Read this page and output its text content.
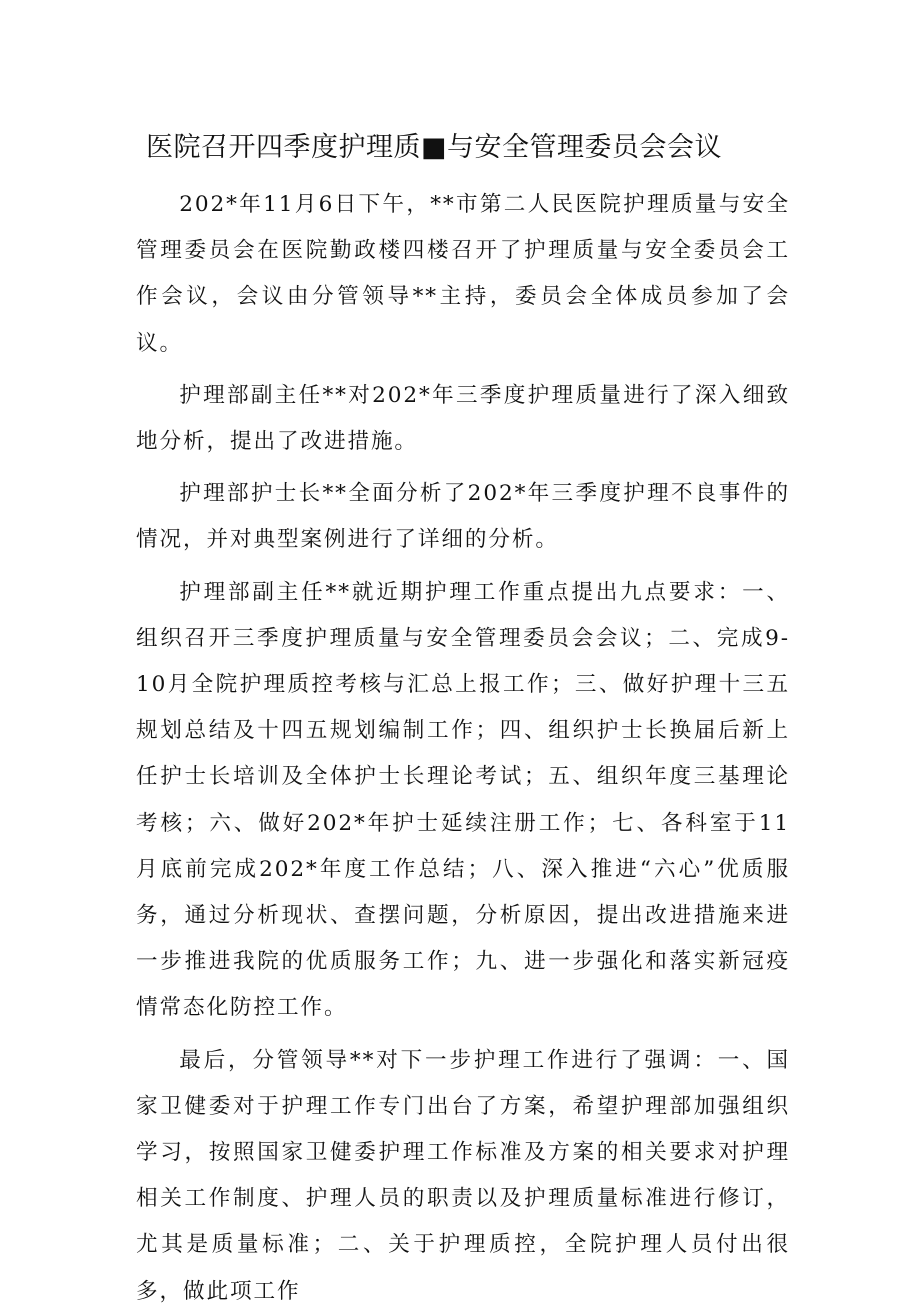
医院召开四季度护理质■与安全管理委员会会议

202*年11月6日下午，**市第二人民医院护理质量与安全管理委员会在医院勤政楼四楼召开了护理质量与安全委员会工作会议，会议由分管领导**主持，委员会全体成员参加了会议。

护理部副主任**对202*年三季度护理质量进行了深入细致地分析，提出了改进措施。

护理部护士长**全面分析了202*年三季度护理不良事件的情况，并对典型案例进行了详细的分析。

护理部副主任**就近期护理工作重点提出九点要求：一、组织召开三季度护理质量与安全管理委员会会议；二、完成9-10月全院护理质控考核与汇总上报工作；三、做好护理十三五规划总结及十四五规划编制工作；四、组织护士长换届后新上任护士长培训及全体护士长理论考试；五、组织年度三基理论考核；六、做好202*年护士延续注册工作；七、各科室于11月底前完成202*年度工作总结；八、深入推进“六心”优质服务，通过分析现状、查摆问题，分析原因，提出改进措施来进一步推进我院的优质服务工作；九、进一步强化和落实新冠疫情常态化防控工作。

最后，分管领导**对下一步护理工作进行了强调：一、国家卫健委对于护理工作专门出台了方案，希望护理部加强组织学习，按照国家卫健委护理工作标准及方案的相关要求对护理相关工作制度、护理人员的职责以及护理质量标准进行修订，尤其是质量标准；二、关于护理质控，全院护理人员付出很多，做此项工作
